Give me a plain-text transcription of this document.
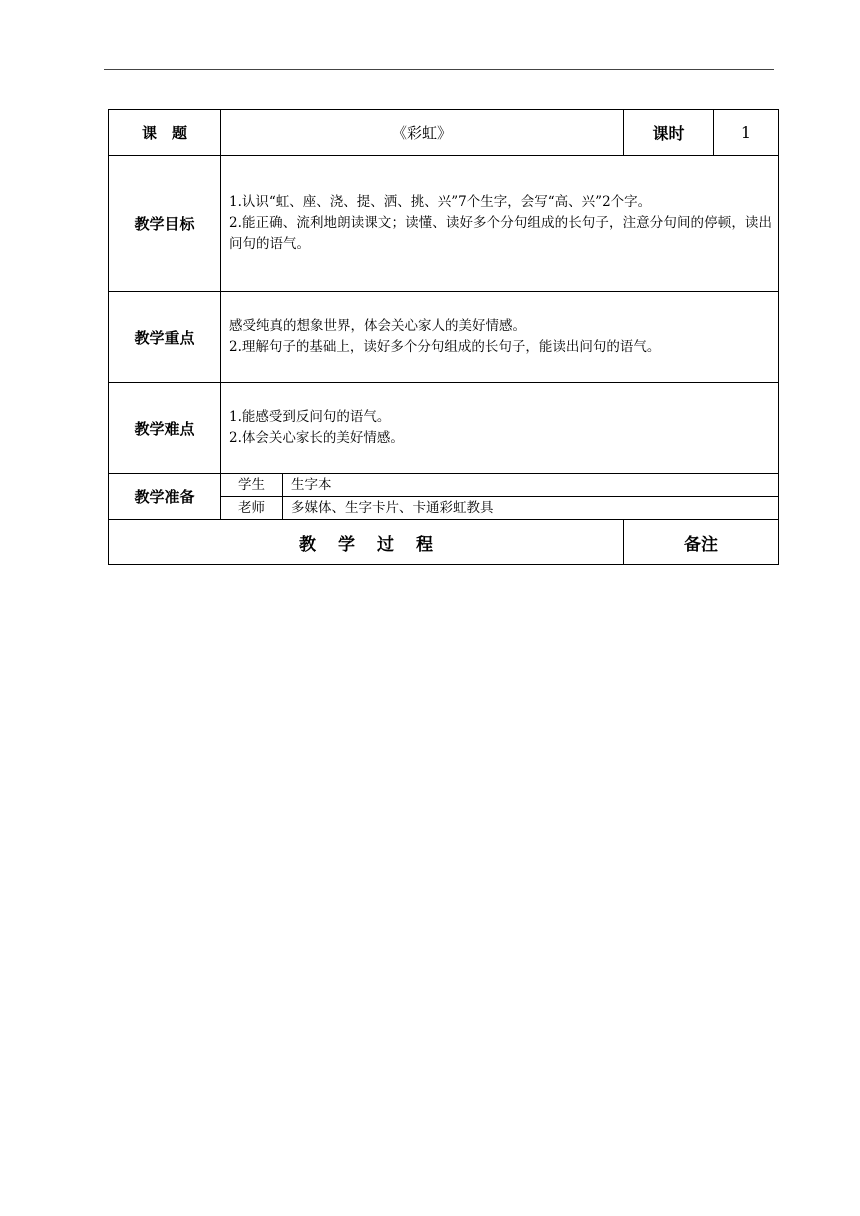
课　题	《彩虹》		课时	1
教学目标	1.认识“虹、座、浇、提、洒、挑、兴”7个生字，会写“高、兴”2个字。
2.能正确、流利地朗读课文；读懂、读好多个分句组成的长句子，注意分句间的停顿，读出问句的语气。			

教学重点	感受纯真的想象世界，体会关心家人的美好情感。
2.理解句子的基础上，读好多个分句组成的长句子，能读出问句的语气。			

教学难点	1.能感受到反问句的语气。
2.体会关心家长的美好情感。			

教学准备	学生	生字本		
	老师	多媒体、生字卡片、卡通彩虹教具		
教学过程			备注	
